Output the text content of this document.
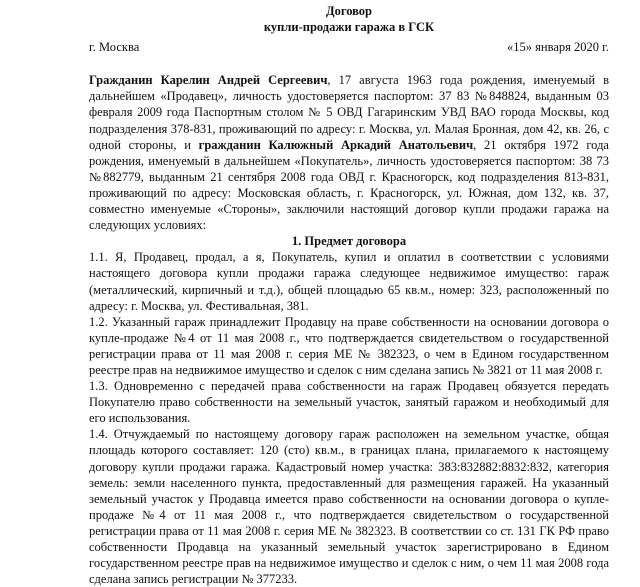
Договор

купли-продажи гаража в ГСК

г. Москва	«15» января 2020 г.

Гражданин Карелин Андрей Сергеевич, 17 августа 1963 года рождения, именуемый в дальнейшем «Продавец», личность удостоверяется паспортом: 37 83 №848824, выданным 03 февраля 2009 года Паспортным столом № 5 ОВД Гагаринским УВД ВАО города Москвы, код подразделения 378-831, проживающий по адресу: г. Москва, ул. Малая Бронная, дом 42, кв. 26, с одной стороны, и гражданин Калюжный Аркадий Анатольевич, 21 октября 1972 года рождения, именуемый в дальнейшем «Покупатель», личность удостоверяется паспортом: 38 73 №882779, выданным 21 сентября 2008 года ОВД г. Красногорск, код подразделения 813-831, проживающий по адресу: Московская область, г. Красногорск, ул. Южная, дом 132, кв. 37, совместно именуемые «Стороны», заключили настоящий договор купли продажи гаража на следующих условиях:

1. Предмет договора

1.1. Я, Продавец, продал, а я, Покупатель, купил и оплатил в соответствии с условиями настоящего договора купли продажи гаража следующее недвижимое имущество: гараж (металлический, кирпичный и т.д.), общей площадью 65 кв.м., номер: 323, расположенный по адресу: г. Москва, ул. Фестивальная, 381.

1.2. Указанный гараж принадлежит Продавцу на праве собственности на основании договора о купле-продаже №4 от 11 мая 2008 г., что подтверждается свидетельством о государственной регистрации права от 11 мая 2008 г. серия МЕ № 382323, о чем в Едином государственном реестре прав на недвижимое имущество и сделок с ним сделана запись № 3821 от 11 мая 2008 г.

1.3. Одновременно с передачей права собственности на гараж Продавец обязуется передать Покупателю право собственности на земельный участок, занятый гаражом и необходимый для его использования.

1.4. Отчуждаемый по настоящему договору гараж расположен на земельном участке, общая площадь которого составляет: 120 (сто) кв.м., в границах плана, прилагаемого к настоящему договору купли продажи гаража. Кадастровый номер участка: 383:832882:8832:832, категория земель: земли населенного пункта, предоставленный для размещения гаражей. На указанный земельный участок у Продавца имеется право собственности на основании договора о купле-продаже №4 от 11 мая 2008 г., что подтверждается свидетельством о государственной регистрации права от 11 мая 2008 г. серия МЕ № 382323. В соответствии со ст. 131 ГК РФ право собственности Продавца на указанный земельный участок зарегистрировано в Едином государственном реестре прав на недвижимое имущество и сделок с ним, о чем 11 мая 2008 года сделана запись регистрации № 377233.
